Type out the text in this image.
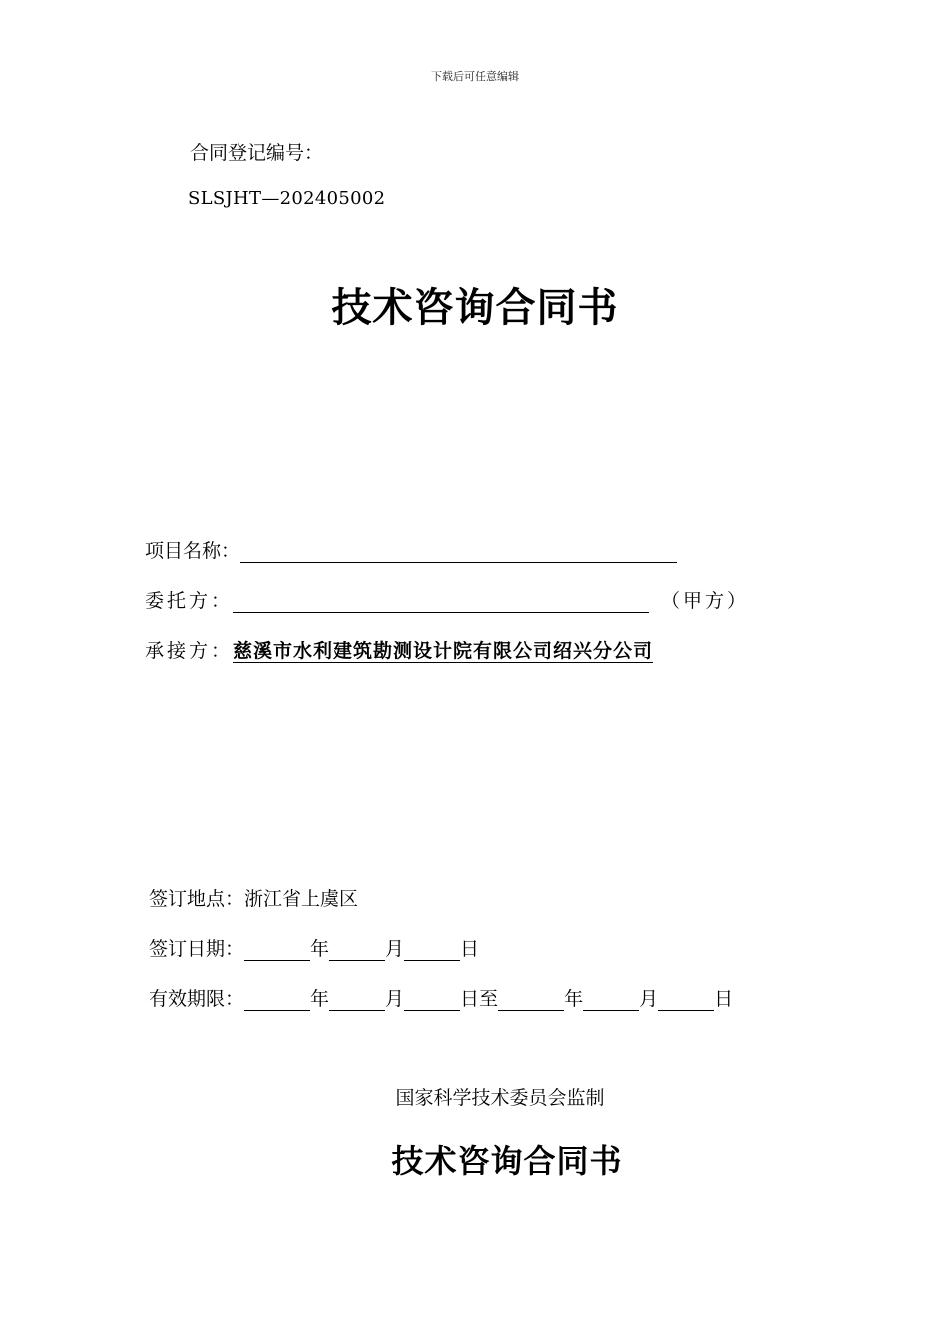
下载后可任意编辑
合同登记编号：
SLSJHT—202405002
技术咨询合同书
项目名称：
委托方：	（甲方）
承接方： 慈溪市水利建筑勘测设计院有限公司绍兴分公司
签订地点： 浙江省上虞区
签订日期：	年	月	日
有效期限：	年	月	日至	年	月	日
国家科学技术委员会监制
技术咨询合同书
